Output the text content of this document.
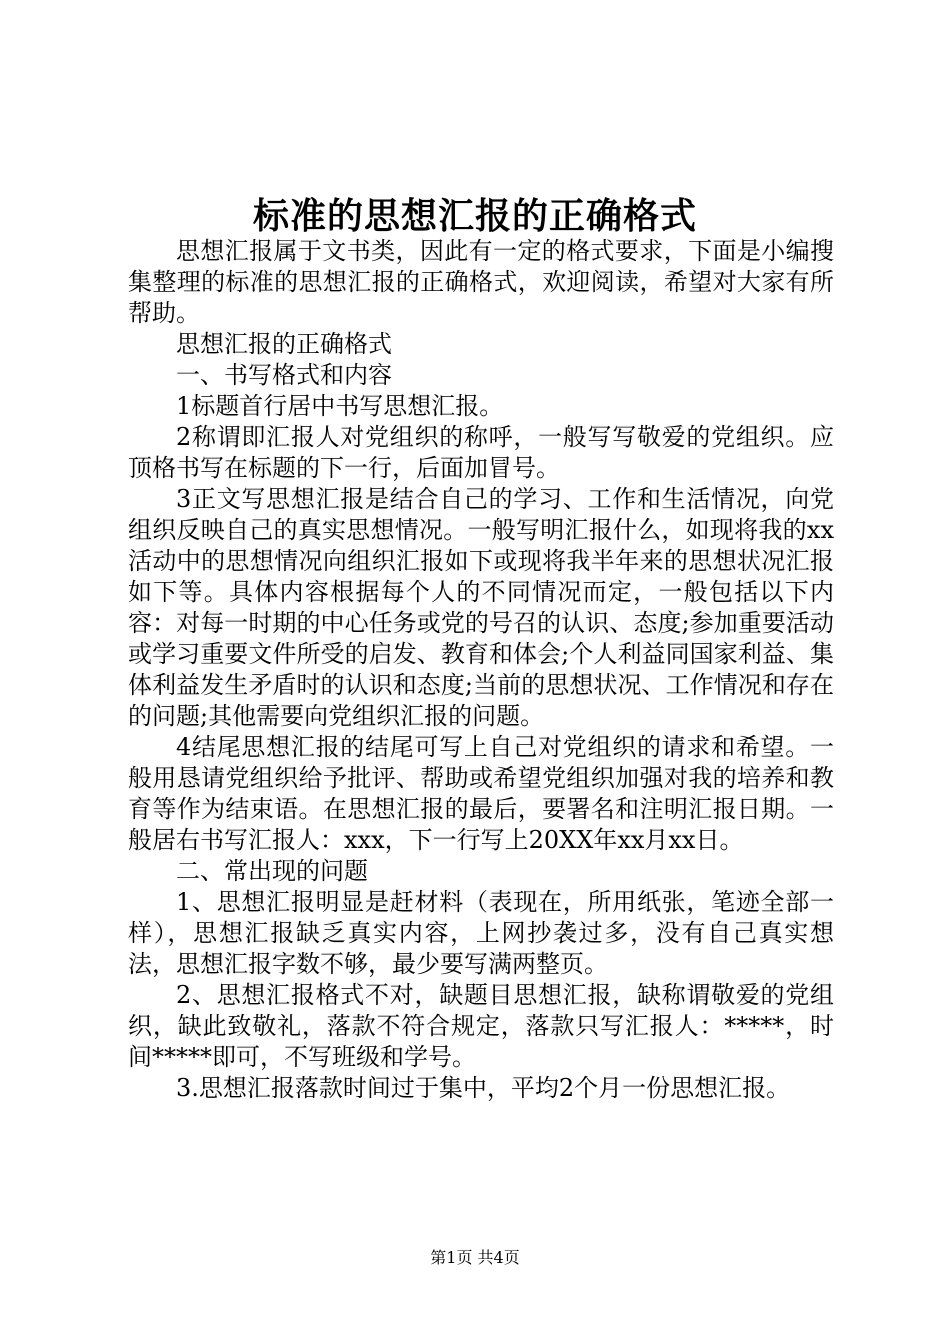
标准的思想汇报的正确格式

思想汇报属于文书类，因此有一定的格式要求，下面是小编搜集整理的标准的思想汇报的正确格式，欢迎阅读，希望对大家有所帮助。

思想汇报的正确格式

一、书写格式和内容

1标题首行居中书写思想汇报。

2称谓即汇报人对党组织的称呼，一般写写敬爱的党组织。应顶格书写在标题的下一行，后面加冒号。

3正文写思想汇报是结合自己的学习、工作和生活情况，向党组织反映自己的真实思想情况。一般写明汇报什么，如现将我的xx活动中的思想情况向组织汇报如下或现将我半年来的思想状况汇报如下等。具体内容根据每个人的不同情况而定，一般包括以下内容：对每一时期的中心任务或党的号召的认识、态度;参加重要活动或学习重要文件所受的启发、教育和体会;个人利益同国家利益、集体利益发生矛盾时的认识和态度;当前的思想状况、工作情况和存在的问题;其他需要向党组织汇报的问题。

4结尾思想汇报的结尾可写上自己对党组织的请求和希望。一般用恳请党组织给予批评、帮助或希望党组织加强对我的培养和教育等作为结束语。在思想汇报的最后，要署名和注明汇报日期。一般居右书写汇报人：xxx，下一行写上20XX年xx月xx日。

二、常出现的问题

1、思想汇报明显是赶材料（表现在，所用纸张，笔迹全部一样），思想汇报缺乏真实内容，上网抄袭过多，没有自己真实想法，思想汇报字数不够，最少要写满两整页。

2、思想汇报格式不对，缺题目思想汇报，缺称谓敬爱的党组织，缺此致敬礼，落款不符合规定，落款只写汇报人：*****，时间*****即可，不写班级和学号。

3.思想汇报落款时间过于集中，平均2个月一份思想汇报。

第1页 共4页
